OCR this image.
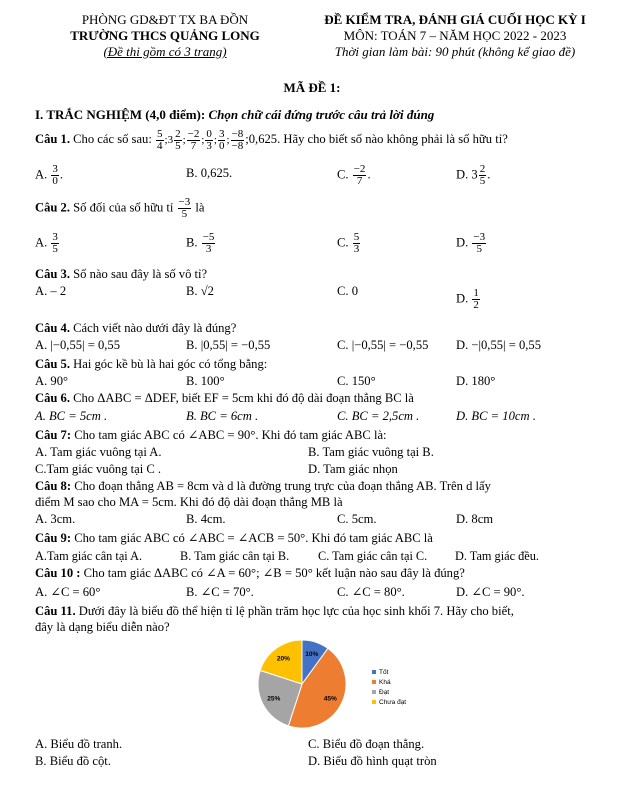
PHÒNG GD&ĐT TX BA ĐỒN
TRƯỜNG THCS QUẢNG LONG
(Đề thi gồm có 3 trang)
ĐỀ KIỂM TRA, ĐÁNH GIÁ CUỐI HỌC KỲ I
MÔN: TOÁN 7 – NĂM HỌC 2022 - 2023
Thời gian làm bài: 90 phút (không kể giao đề)
MÃ ĐỀ 1:
I. TRẮC NGHIỆM (4,0 điểm): Chọn chữ cái đứng trước câu trả lời đúng
Câu 1. Cho các số sau: $\frac{5}{4}$ ;3 $\frac{2}{5}$ ; $\frac{-2}{7}$ ; $\frac{0}{3}$ ; $\frac{3}{0}$ ; $\frac{-8}{-8}$ ;0,625. Hãy cho biết số nào không phải là số hữu tỉ?
A. $\frac{3}{0}$ .	B. 0,625.	C. $\frac{-2}{7}$ .	D. $3 \frac{2}{5}$ .
Câu 2. Số đối của số hữu tỉ $\frac{-3}{5}$ là
A. $\frac{3}{5}$	B. $\frac{-5}{3}$	C. $\frac{5}{3}$	D. $\frac{-3}{5}$
Câu 3. Số nào sau đây là số vô tỉ?
A. – 2	B. √2	C. 0
D. $\frac{1}{2}$
Câu 4. Cách viết nào dưới đây là đúng?
A. |−0,55| = 0,55	B. |0,55| = −0,55	C. |−0,55| = −0,55 D. −|0,55| = 0,55
Câu 5. Hai góc kề bù là hai góc có tổng bằng:
A. 90°	B. 100°	C. 150°	D. 180°
Câu 6. Cho ΔABC = ΔDEF, biết EF = 5cm khi đó độ dài đoạn thẳng BC là
A. BC = 5cm .	B. BC = 6cm .	C. BC = 2,5cm .	D. BC = 10cm .
Câu 7: Cho tam giác ABC có ∠ABC = 90°. Khi đó tam giác ABC là:
A. Tam giác vuông tại A.	B. Tam giác vuông tại B.
C.Tam giác vuông tại C .	D. Tam giác nhọn
Câu 8: Cho đoạn thẳng AB = 8cm và d là đường trung trực của đoạn thẳng AB. Trên d lấy
điểm M sao cho MA = 5cm. Khi đó độ dài đoạn thẳng MB là
A. 3cm.	B. 4cm.	C. 5cm.	D. 8cm
Câu 9: Cho tam giác ABC có ∠ABC = ∠ACB = 50°. Khi đó tam giác ABC là
A.Tam giác cân tại A.	B. Tam giác cân tại B. C. Tam giác cân tại C. D. Tam giác đều.
Câu 10 : Cho tam giác ΔABC có ∠A = 60°; ∠B = 50° kết luận nào sau đây là đúng?
A. ∠C = 60°	B. ∠C = 70°.	C. ∠C = 80°.	D. ∠C = 90°.
Câu 11. Dưới đây là biểu đồ thể hiện tỉ lệ phần trăm học lực của học sinh khối 7. Hãy cho biết,
đây là dạng biểu diễn nào?
10%
45%
25%
20%
Tốt
Khá
Đạt
Chưa đạt
A. Biểu đồ tranh.	C. Biểu đồ đoạn thẳng.
B. Biểu đồ cột.	D. Biểu đồ hình quạt tròn
